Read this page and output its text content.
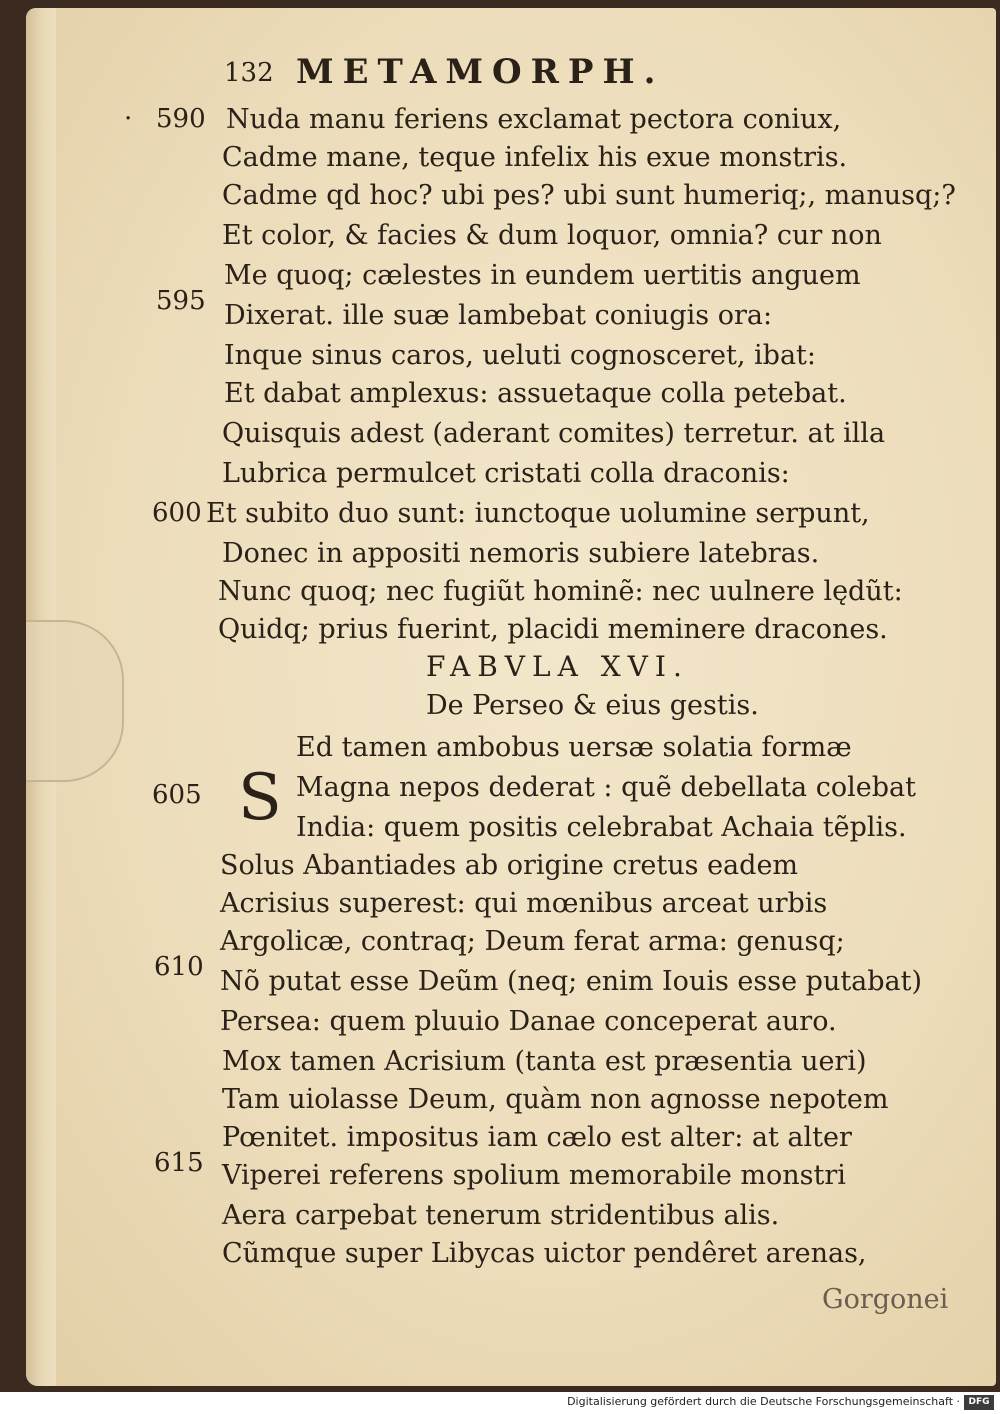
132 METAMORPH.
· 590
595
600
605
610
615
Nuda manu feriens exclamat pectora coniux,
Cadme mane, teque infelix his exue monstris.
Cadme qd hoc? ubi pes? ubi sunt humeriq;, manusq;?
Et color, & facies & dum loquor, omnia? cur non
Me quoq; cælestes in eundem uertitis anguem
Dixerat. ille suæ lambebat coniugis ora:
Inque sinus caros, ueluti cognosceret, ibat:
Et dabat amplexus: assuetaque colla petebat.
Quisquis adest (aderant comites) terretur. at illa
Lubrica permulcet cristati colla draconis:
Et subito duo sunt: iunctoque uolumine serpunt,
Donec in appositi nemoris subiere latebras.
Nunc quoq; nec fugiũt hominẽ: nec uulnere lędũt:
Quidq; prius fuerint, placidi meminere dracones.
FABVLA XVI.
De Perseo & eius gestis.
S
Ed tamen ambobus uersæ solatia formæ
Magna nepos dederat : quẽ debellata colebat
India: quem positis celebrabat Achaia tẽplis.
Solus Abantiades ab origine cretus eadem
Acrisius superest: qui mœnibus arceat urbis
Argolicæ, contraq; Deum ferat arma: genusq;
Nõ putat esse Deũm (neq; enim Iouis esse putabat)
Persea: quem pluuio Danae conceperat auro.
Mox tamen Acrisium (tanta est præsentia ueri)
Tam uiolasse Deum, quàm non agnosse nepotem
Pœnitet. impositus iam cælo est alter: at alter
Viperei referens spolium memorabile monstri
Aera carpebat tenerum stridentibus alis.
Cũmque super Libycas uictor pendêret arenas,
Gorgonei
Digitalisierung gefördert durch die Deutsche Forschungsgemeinschaft · DFG
